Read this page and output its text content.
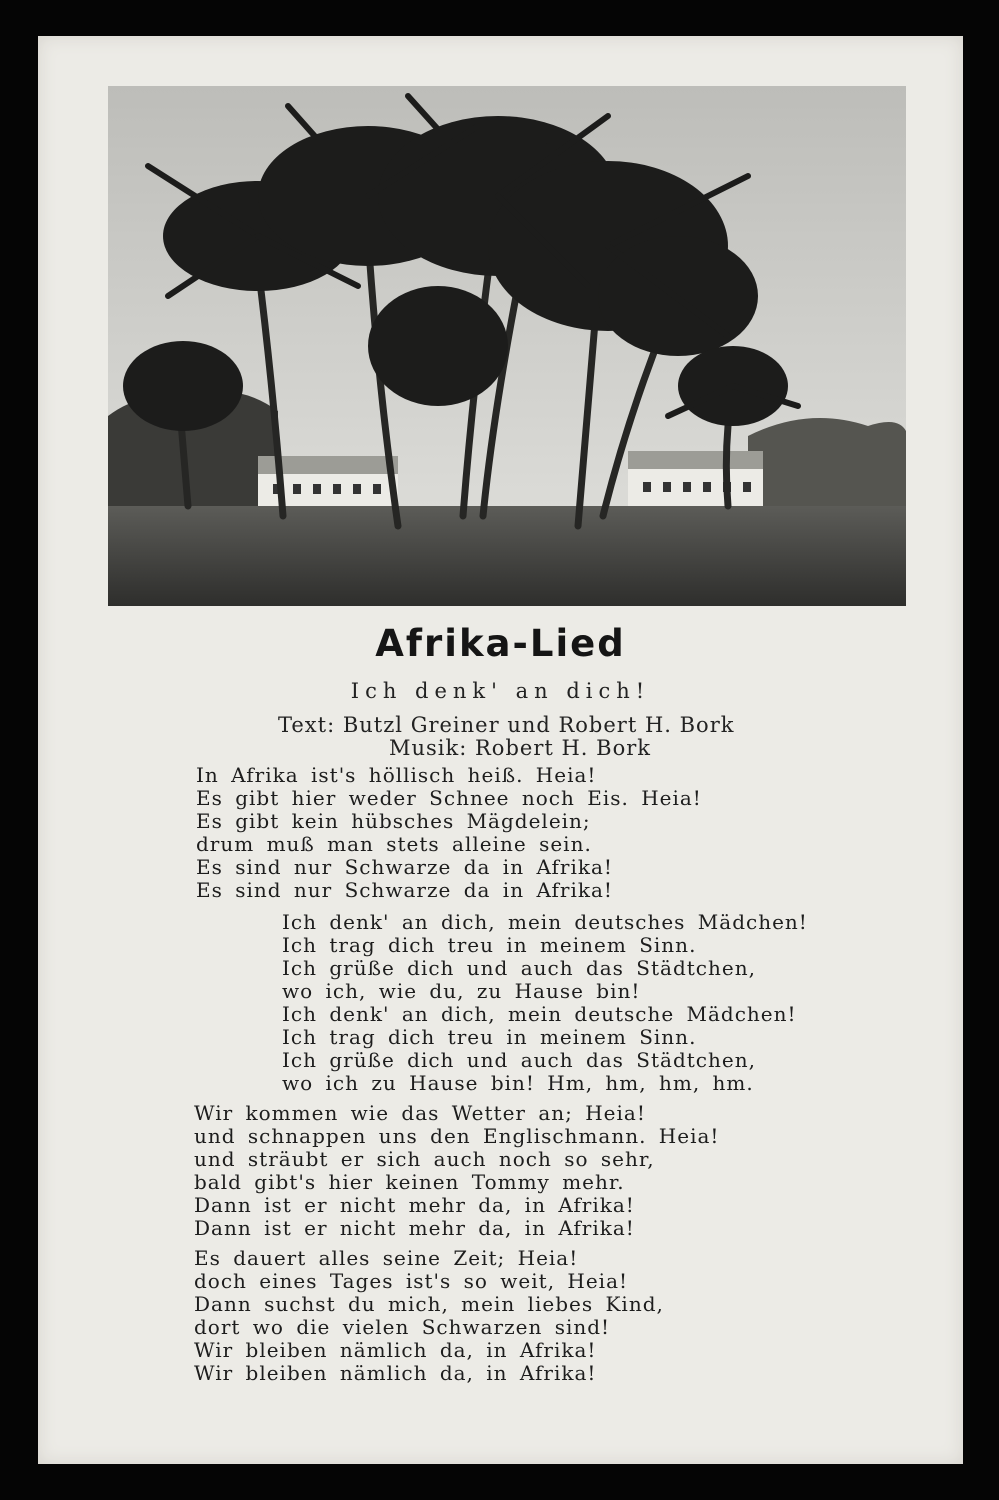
Afrika-Lied
Ich denk' an dich!
Text: Butzl Greiner und Robert H. Bork
Musik: Robert H. Bork
In Afrika ist's höllisch heiß. Heia!
Es gibt hier weder Schnee noch Eis. Heia!
Es gibt kein hübsches Mägdelein;
drum muß man stets alleine sein.
Es sind nur Schwarze da in Afrika!
Es sind nur Schwarze da in Afrika!
Ich denk' an dich, mein deutsches Mädchen!
Ich trag dich treu in meinem Sinn.
Ich grüße dich und auch das Städtchen,
wo ich, wie du, zu Hause bin!
Ich denk' an dich, mein deutsche Mädchen!
Ich trag dich treu in meinem Sinn.
Ich grüße dich und auch das Städtchen,
wo ich zu Hause bin! Hm, hm, hm, hm.
Wir kommen wie das Wetter an; Heia!
und schnappen uns den Englischmann. Heia!
und sträubt er sich auch noch so sehr,
bald gibt's hier keinen Tommy mehr.
Dann ist er nicht mehr da, in Afrika!
Dann ist er nicht mehr da, in Afrika!
Es dauert alles seine Zeit; Heia!
doch eines Tages ist's so weit, Heia!
Dann suchst du mich, mein liebes Kind,
dort wo die vielen Schwarzen sind!
Wir bleiben nämlich da, in Afrika!
Wir bleiben nämlich da, in Afrika!
